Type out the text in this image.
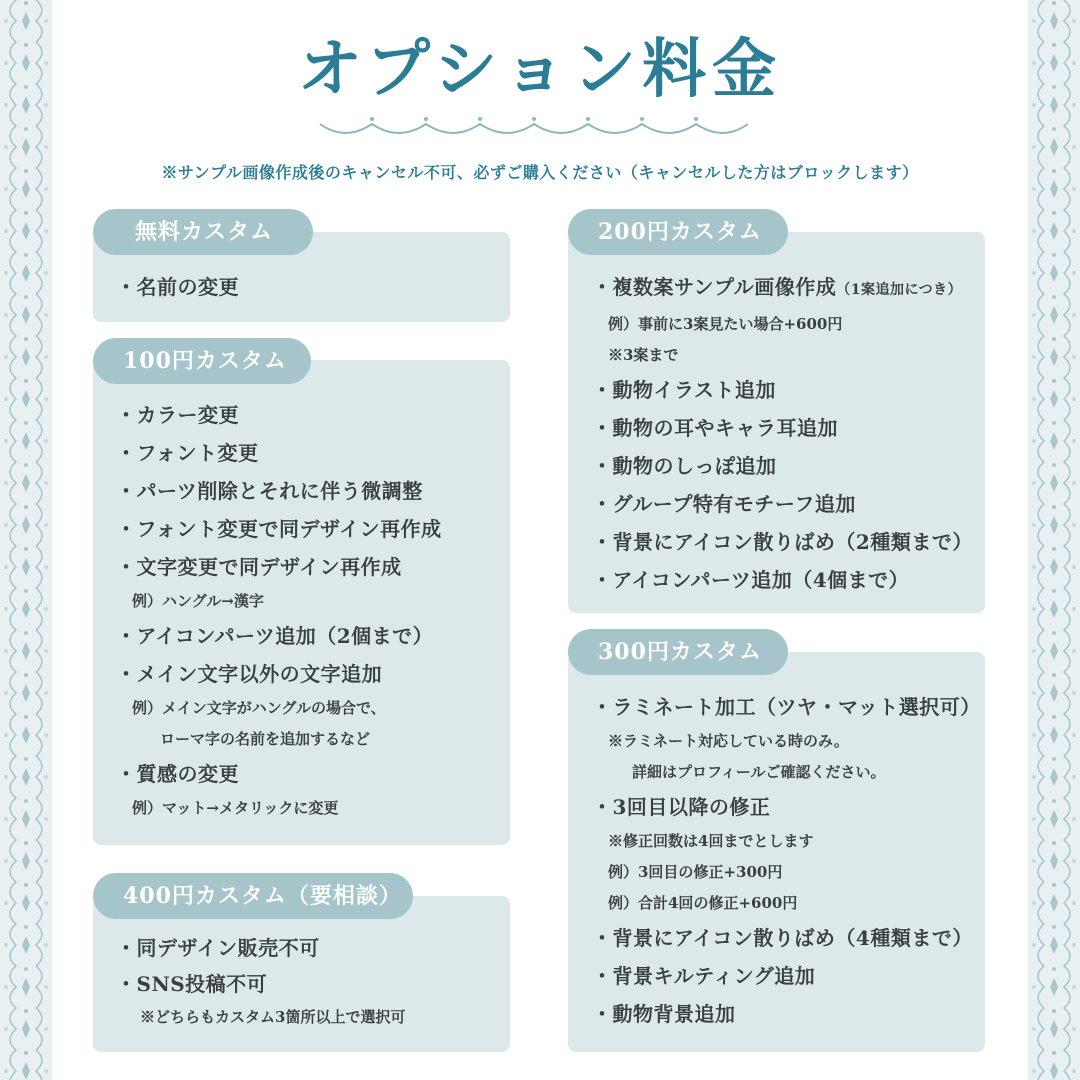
オプション料金

※サンプル画像作成後のキャンセル不可、必ずご購入ください（キャンセルした方はブロックします）

無料カスタム
・名前の変更
100円カスタム
・カラー変更
・フォント変更
・パーツ削除とそれに伴う微調整
・フォント変更で同デザイン再作成
・文字変更で同デザイン再作成
例）ハングル→漢字
・アイコンパーツ追加（2個まで）
・メイン文字以外の文字追加
例）メイン文字がハングルの場合で、
ローマ字の名前を追加するなど
・質感の変更
例）マット→メタリックに変更
400円カスタム（要相談）
・同デザイン販売不可
・SNS投稿不可
※どちらもカスタム3箇所以上で選択可
200円カスタム
・複数案サンプル画像作成（1案追加につき）
例）事前に3案見たい場合+600円
※3案まで
・動物イラスト追加
・動物の耳やキャラ耳追加
・動物のしっぽ追加
・グループ特有モチーフ追加
・背景にアイコン散りばめ（2種類まで）
・アイコンパーツ追加（4個まで）
300円カスタム
・ラミネート加工（ツヤ・マット選択可）
※ラミネート対応している時のみ。
詳細はプロフィールご確認ください。
・3回目以降の修正
※修正回数は4回までとします
例）3回目の修正+300円
例）合計4回の修正+600円
・背景にアイコン散りばめ（4種類まで）
・背景キルティング追加
・動物背景追加
